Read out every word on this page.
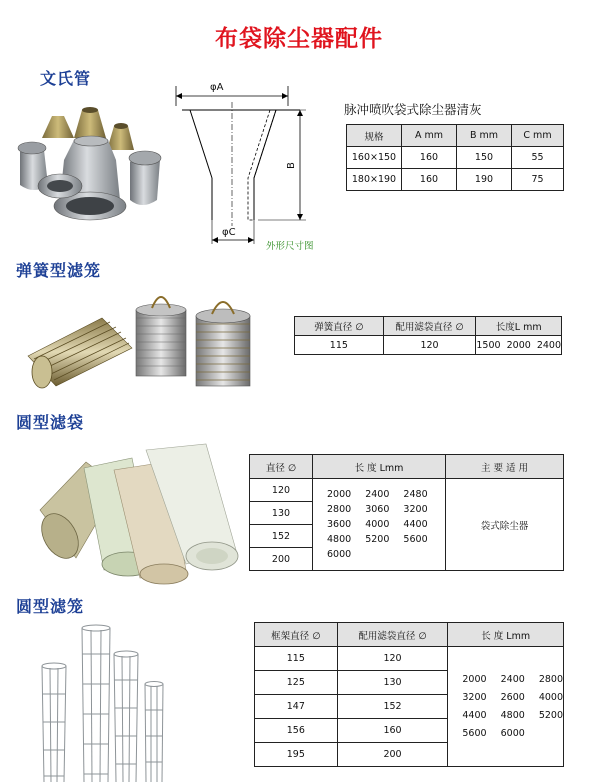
布袋除尘器配件
文氏管	φA
B
φC
外形尺寸图
脉冲喷吹袋式除尘器清灰
规格	A mm	B mm	C mm
160×150	160	150	55
180×190	160	190	75
弹簧型滤笼
弹簧直径 ∅	配用滤袋直径 ∅	长度L mm
115	120	1500  2000  2400
圆型滤袋
直径 ∅	长 度 Lmm	主 要 适 用
120	2000  2400  2480
2800  3060  3200
3600  4000  4400
4800  5200  5600
6000	袋式除尘器
130		
152		
200		
圆型滤笼
框架直径 ∅	配用滤袋直径 ∅	长 度 Lmm
115	120	2000  2400  2800
3200  2600  4000
4400  4800  5200
5600  6000

125	130	
147	152	
156	160	
195	200	
